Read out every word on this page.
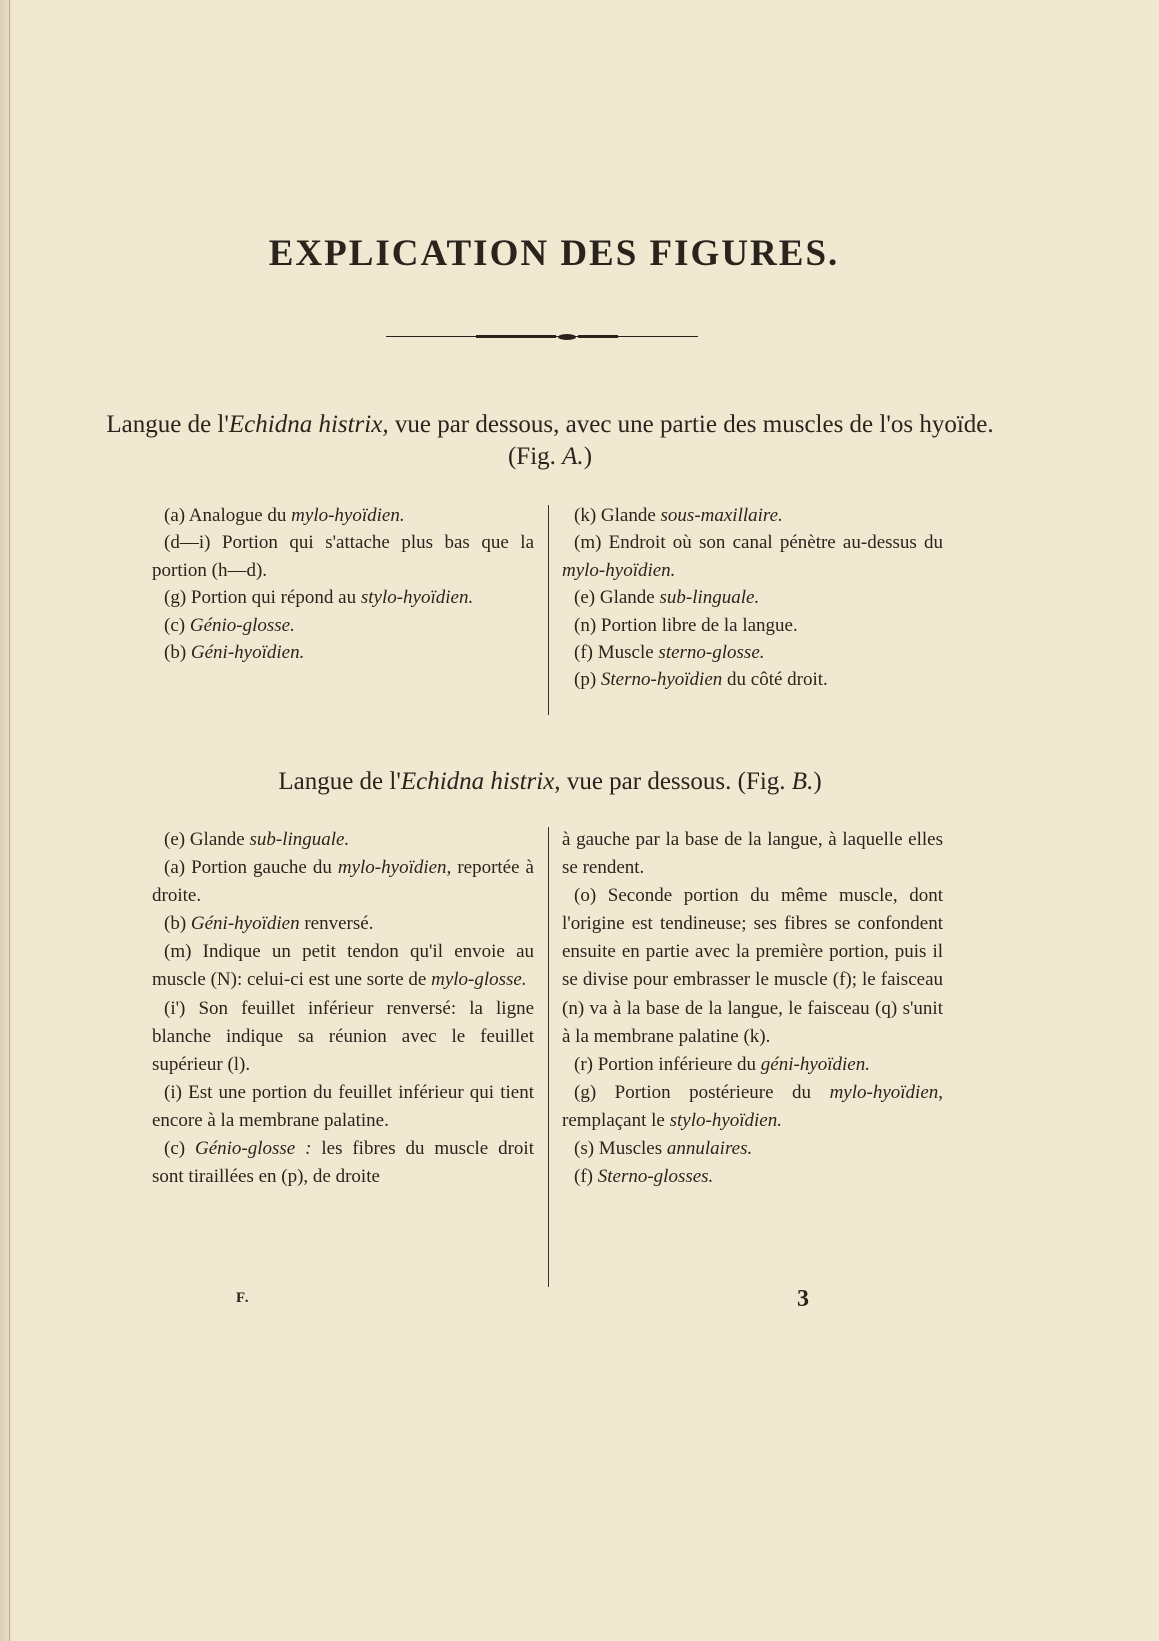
EXPLICATION DES FIGURES.

Langue de l'Echidna histrix, vue par dessous, avec une partie des muscles de l'os hyoïde. (Fig. A.)

(a) Analogue du mylo-hyoïdien.

(d—i) Portion qui s'attache plus bas que la portion (h—d).

(g) Portion qui répond au stylo-hyoïdien.

(c) Génio-glosse.

(b) Géni-hyoïdien.

(k) Glande sous-maxillaire.

(m) Endroit où son canal pénètre au-dessus du mylo-hyoïdien.

(e) Glande sub-linguale.

(n) Portion libre de la langue.

(f) Muscle sterno-glosse.

(p) Sterno-hyoïdien du côté droit.

Langue de l'Echidna histrix, vue par dessous. (Fig. B.)

(e) Glande sub-linguale.

(a) Portion gauche du mylo-hyoïdien, reportée à droite.

(b) Géni-hyoïdien renversé.

(m) Indique un petit tendon qu'il envoie au muscle (N): celui-ci est une sorte de mylo-glosse.

(i') Son feuillet inférieur renversé: la ligne blanche indique sa réunion avec le feuillet supérieur (l).

(i) Est une portion du feuillet inférieur qui tient encore à la membrane palatine.

(c) Génio-glosse : les fibres du muscle droit sont tiraillées en (p), de droite

à gauche par la base de la langue, à laquelle elles se rendent.

(o) Seconde portion du même muscle, dont l'origine est tendineuse; ses fibres se confondent ensuite en partie avec la première portion, puis il se divise pour embrasser le muscle (f); le faisceau (n) va à la base de la langue, le faisceau (q) s'unit à la membrane palatine (k).

(r) Portion inférieure du géni-hyoïdien.

(g) Portion postérieure du mylo-hyoïdien, remplaçant le stylo-hyoïdien.

(s) Muscles annulaires.

(f) Sterno-glosses.

F.	3
